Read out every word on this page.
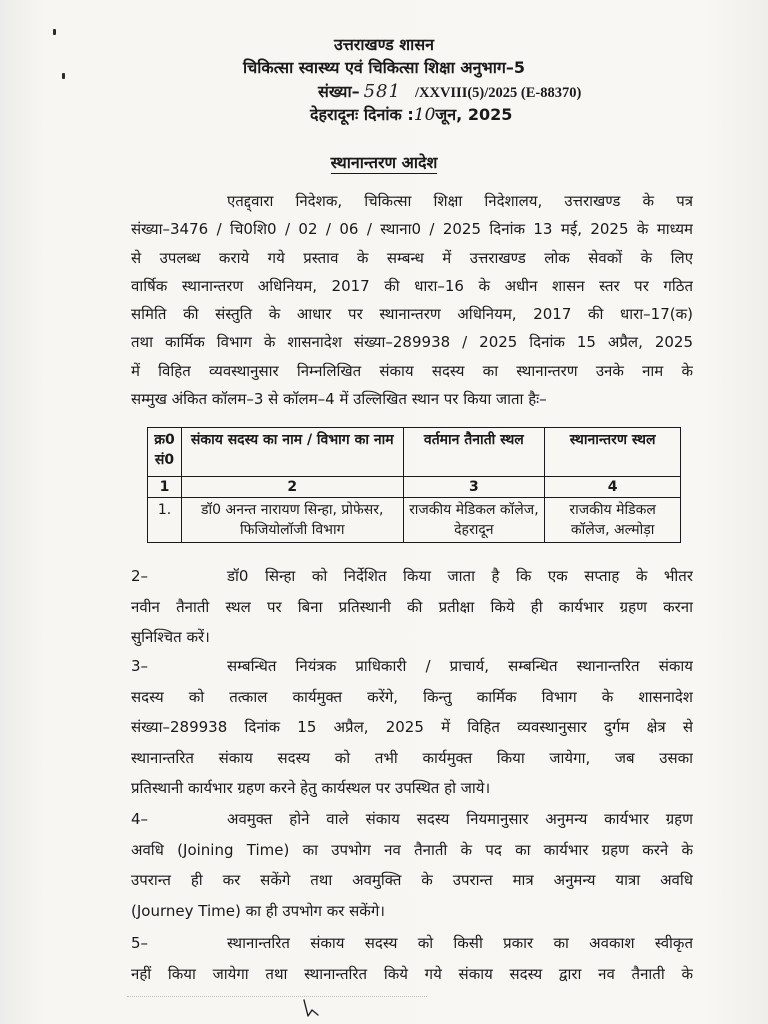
उत्तराखण्ड शासन
चिकित्सा स्वास्थ्य एवं चिकित्सा शिक्षा अनुभाग–5
संख्या– 581 /XXVIII(5)/2025 (E-88370)
देहरादूनः दिनांक :10जून, 2025
स्थानान्तरण आदेश
एतद्द्वारा निदेशक, चिकित्सा शिक्षा निदेशालय, उत्तराखण्ड के पत्र
संख्या–3476 / चि0शि0 / 02 / 06 / स्थाना0 / 2025 दिनांक 13 मई, 2025 के माध्यम
से उपलब्ध कराये गये प्रस्ताव के सम्बन्ध में उत्तराखण्ड लोक सेवकों के लिए
वार्षिक स्थानान्तरण अधिनियम, 2017 की धारा–16 के अधीन शासन स्तर पर गठित
समिति की संस्तुति के आधार पर स्थानान्तरण अधिनियम, 2017 की धारा–17(क)
तथा कार्मिक विभाग के शासनादेश संख्या–289938 / 2025 दिनांक 15 अप्रैल, 2025
में विहित व्यवस्थानुसार निम्नलिखित संकाय सदस्य का स्थानान्तरण उनके नाम के
सम्मुख अंकित कॉलम–3 से कॉलम–4 में उल्लिखित स्थान पर किया जाता हैः–
क्र0 सं0	संकाय सदस्य का नाम / विभाग का नाम	वर्तमान तैनाती स्थल	स्थानान्तरण स्थल
1	2	3	4
1.	डॉ0 अनन्त नारायण सिन्हा, प्रोफेसर, फिजियोलॉजी विभाग	राजकीय मेडिकल कॉलेज, देहरादून	राजकीय मेडिकल कॉलेज, अल्मोड़ा
2–	डॉ0 सिन्हा को निर्देशित किया जाता है कि एक सप्ताह के भीतर
नवीन तैनाती स्थल पर बिना प्रतिस्थानी की प्रतीक्षा किये ही कार्यभार ग्रहण करना
सुनिश्चित करें।
3–	सम्बन्धित नियंत्रक प्राधिकारी / प्राचार्य, सम्बन्धित स्थानान्तरित संकाय
सदस्य को तत्काल कार्यमुक्त करेंगे, किन्तु कार्मिक विभाग के शासनादेश
संख्या–289938 दिनांक 15 अप्रैल, 2025 में विहित व्यवस्थानुसार दुर्गम क्षेत्र से
स्थानान्तरित संकाय सदस्य को तभी कार्यमुक्त किया जायेगा, जब उसका
प्रतिस्थानी कार्यभार ग्रहण करने हेतु कार्यस्थल पर उपस्थित हो जाये।
4–	अवमुक्त होने वाले संकाय सदस्य नियमानुसार अनुमन्य कार्यभार ग्रहण
अवधि (Joining Time) का उपभोग नव तैनाती के पद का कार्यभार ग्रहण करने के
उपरान्त ही कर सकेंगे तथा अवमुक्ति के उपरान्त मात्र अनुमन्य यात्रा अवधि
(Journey Time) का ही उपभोग कर सकेंगे।
5–	स्थानान्तरित संकाय सदस्य को किसी प्रकार का अवकाश स्वीकृत
नहीं किया जायेगा तथा स्थानान्तरित किये गये संकाय सदस्य द्वारा नव तैनाती के
